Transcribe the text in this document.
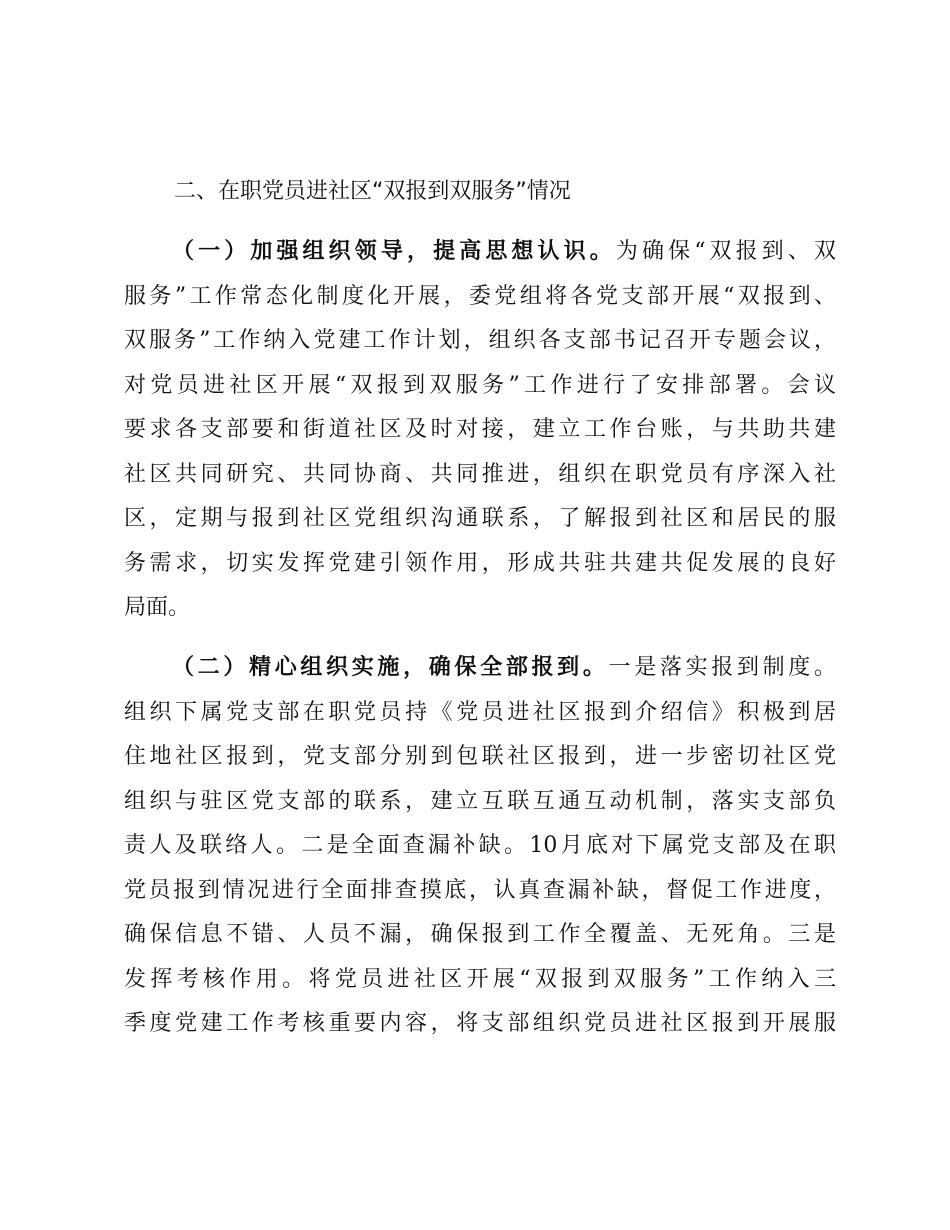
二、在职党员进社区“双报到双服务”情况
（一）加强组织领导，提高思想认识。为确保“双报到、双
服务”工作常态化制度化开展，委党组将各党支部开展“双报到、
双服务”工作纳入党建工作计划，组织各支部书记召开专题会议，
对党员进社区开展“双报到双服务”工作进行了安排部署。会议
要求各支部要和街道社区及时对接，建立工作台账，与共助共建
社区共同研究、共同协商、共同推进，组织在职党员有序深入社
区，定期与报到社区党组织沟通联系，了解报到社区和居民的服
务需求，切实发挥党建引领作用，形成共驻共建共促发展的良好
局面。
（二）精心组织实施，确保全部报到。一是落实报到制度。
组织下属党支部在职党员持《党员进社区报到介绍信》积极到居
住地社区报到，党支部分别到包联社区报到，进一步密切社区党
组织与驻区党支部的联系，建立互联互通互动机制，落实支部负
责人及联络人。二是全面查漏补缺。10月底对下属党支部及在职
党员报到情况进行全面排查摸底，认真查漏补缺，督促工作进度，
确保信息不错、人员不漏，确保报到工作全覆盖、无死角。三是
发挥考核作用。将党员进社区开展“双报到双服务”工作纳入三
季度党建工作考核重要内容，将支部组织党员进社区报到开展服
